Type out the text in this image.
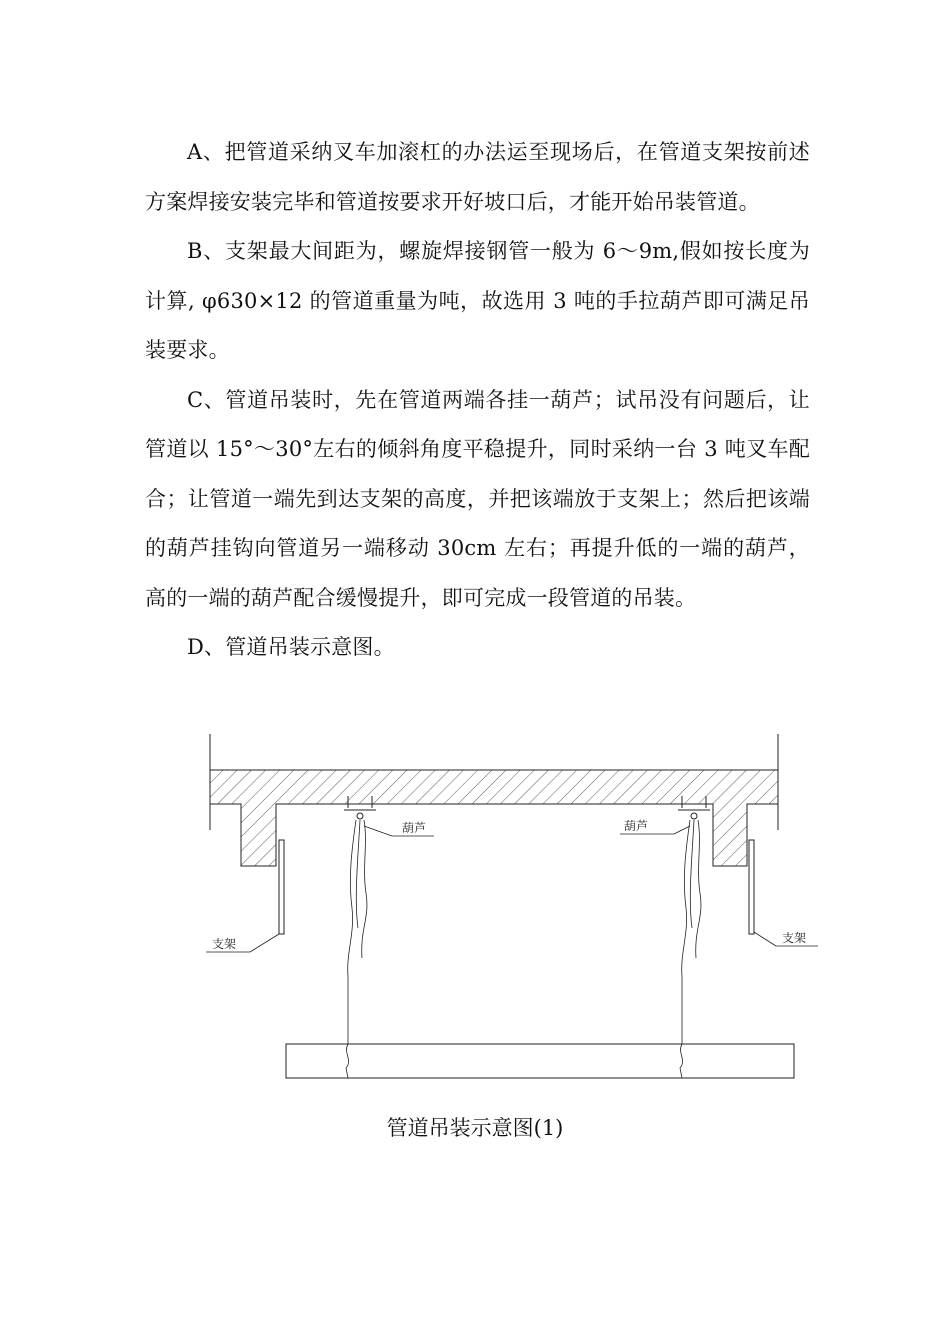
A、把管道采纳叉车加滚杠的办法运至现场后，在管道支架按前述方案焊接安装完毕和管道按要求开好坡口后，才能开始吊装管道。

B、支架最大间距为，螺旋焊接钢管一般为 6～9m,假如按长度为计算, φ630×12 的管道重量为吨，故选用 3 吨的手拉葫芦即可满足吊装要求。

C、管道吊装时，先在管道两端各挂一葫芦；试吊没有问题后，让管道以 15°～30°左右的倾斜角度平稳提升，同时采纳一台 3 吨叉车配合；让管道一端先到达支架的高度，并把该端放于支架上；然后把该端的葫芦挂钩向管道另一端移动 30cm 左右；再提升低的一端的葫芦，高的一端的葫芦配合缓慢提升，即可完成一段管道的吊装。

D、管道吊装示意图。

葫芦	葫芦
支架	支架
管道吊装示意图(1)
